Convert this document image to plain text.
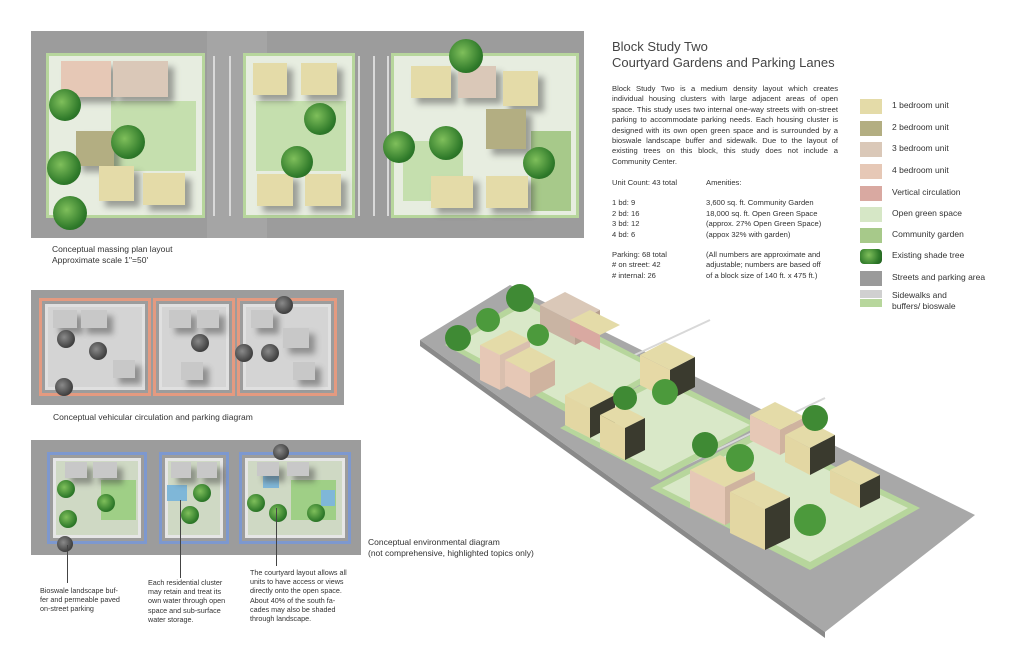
Conceptual massing plan layout
Approximate scale 1"=50'
Conceptual vehicular circulation and parking diagram
Conceptual environmental diagram
(not comprehensive, highlighted topics only)
Bioswale landscape buf-
fer and permeable paved
on-street parking
Each residential cluster
may retain and treat its
own water through open
space and sub-surface
water storage.
The courtyard layout allows all
units to have access or views
directly onto the open space.
About 40% of the south fa-
cades may also be shaded
through landscape.
Block Study Two
Courtyard Gardens and Parking Lanes
Block Study Two is a medium density layout which creates individual housing clusters with large adjacent areas of open space. This study uses two internal one-way streets with on-street parking to accommodate parking needs. Each housing cluster is designed with its own open green space and is surrounded by a bioswale landscape buffer and sidewalk. Due to the layout of existing trees on this block, this study does not include a Community Center.
Unit Count: 43 total
1 bd: 9
2 bd: 16
3 bd: 12
4 bd: 6
Parking: 68 total
# on street: 42
# internal: 26
Amenities:
3,600 sq. ft. Community Garden
18,000 sq. ft. Open Green Space
(approx. 27% Open Green Space)
(appox 32% with garden)
(All numbers are approximate and
adjustable; numbers are based off
of a block size of 140 ft. x 475 ft.)
1 bedroom unit
2 bedroom unit
3 bedroom unit
4 bedroom unit
Vertical circulation
Open green space
Community garden
Existing shade tree
Streets and parking area
Sidewalks and
buffers/ bioswale
